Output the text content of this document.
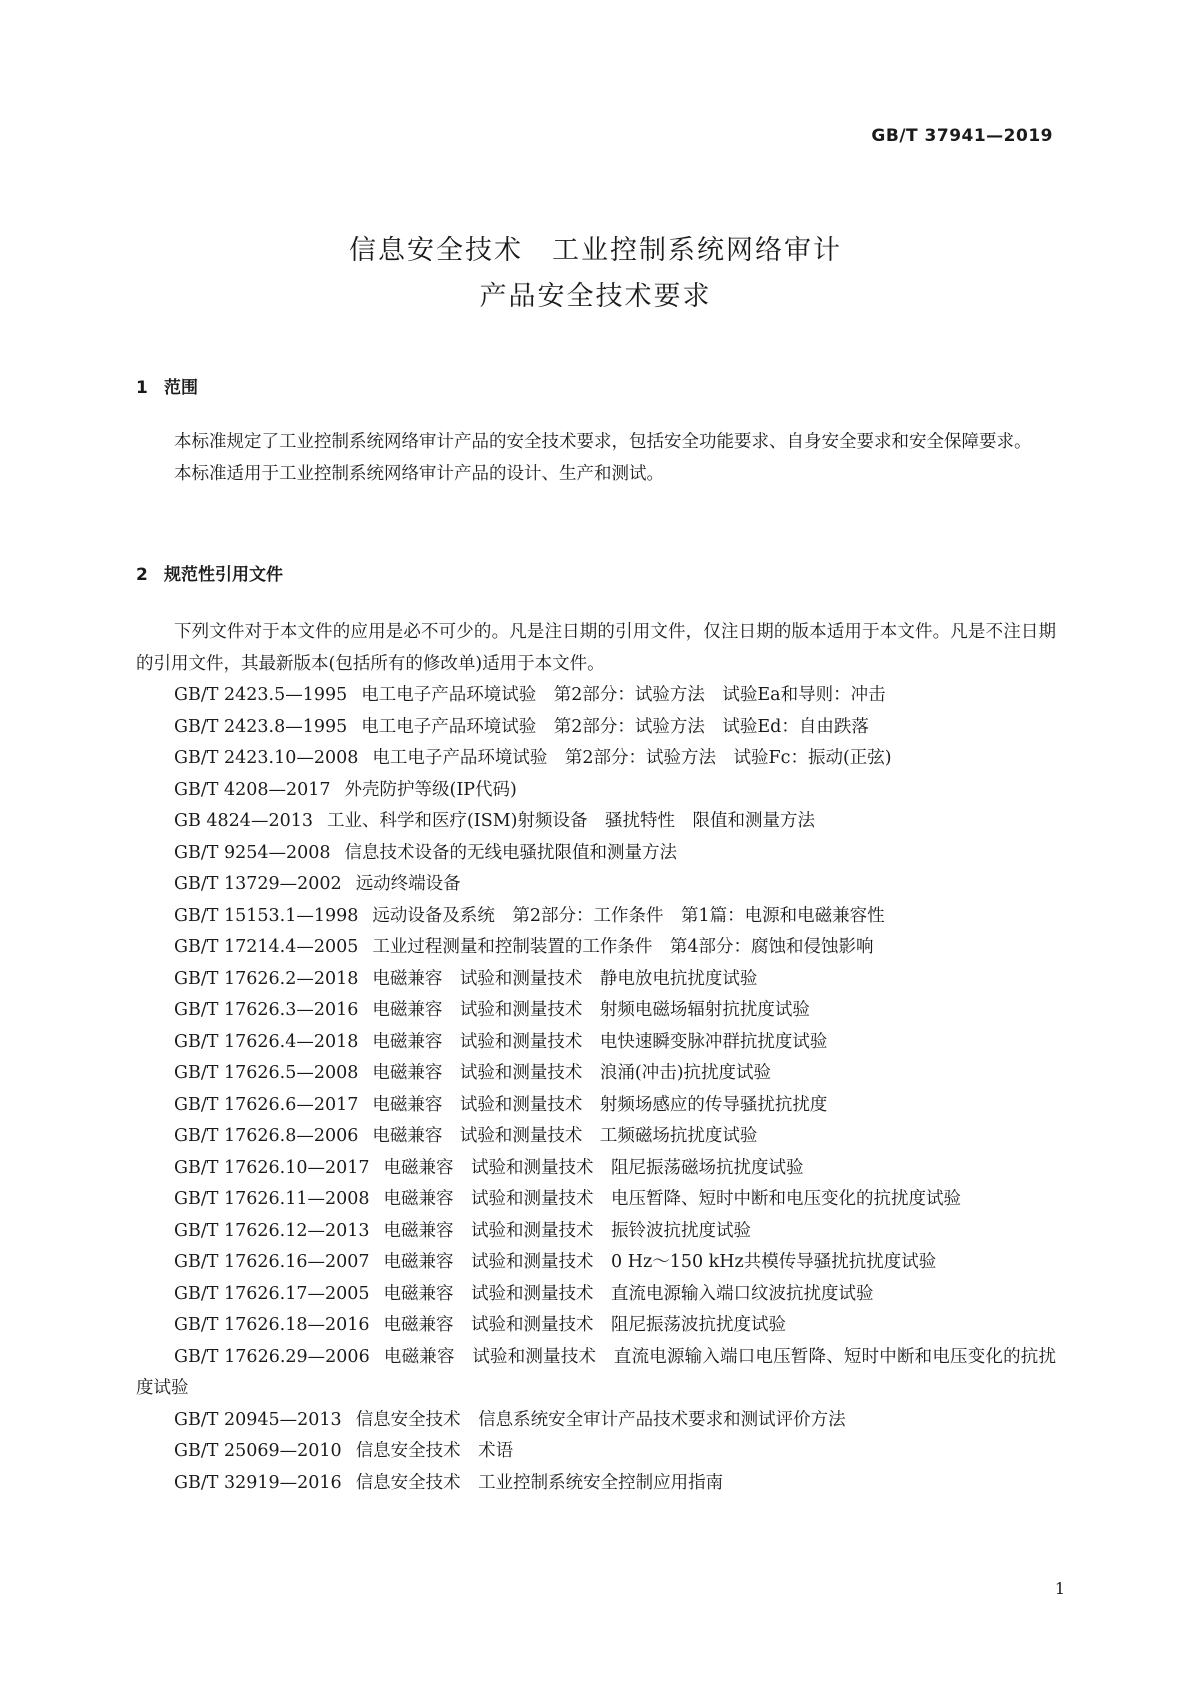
GB/T 37941—2019
信息安全技术　工业控制系统网络审计
产品安全技术要求
1 范围

本标准规定了工业控制系统网络审计产品的安全技术要求，包括安全功能要求、自身安全要求和安全保障要求。

本标准适用于工业控制系统网络审计产品的设计、生产和测试。

2 规范性引用文件

下列文件对于本文件的应用是必不可少的。凡是注日期的引用文件，仅注日期的版本适用于本文件。凡是不注日期的引用文件，其最新版本(包括所有的修改单)适用于本文件。

GB/T 2423.5—1995 电工电子产品环境试验　第2部分：试验方法　试验Ea和导则：冲击

GB/T 2423.8—1995 电工电子产品环境试验　第2部分：试验方法　试验Ed：自由跌落

GB/T 2423.10—2008 电工电子产品环境试验　第2部分：试验方法　试验Fc：振动(正弦)

GB/T 4208—2017 外壳防护等级(IP代码)

GB 4824—2013 工业、科学和医疗(ISM)射频设备　骚扰特性　限值和测量方法

GB/T 9254—2008 信息技术设备的无线电骚扰限值和测量方法

GB/T 13729—2002 远动终端设备

GB/T 15153.1—1998 远动设备及系统　第2部分：工作条件　第1篇：电源和电磁兼容性

GB/T 17214.4—2005 工业过程测量和控制装置的工作条件　第4部分：腐蚀和侵蚀影响

GB/T 17626.2—2018 电磁兼容　试验和测量技术　静电放电抗扰度试验

GB/T 17626.3—2016 电磁兼容　试验和测量技术　射频电磁场辐射抗扰度试验

GB/T 17626.4—2018 电磁兼容　试验和测量技术　电快速瞬变脉冲群抗扰度试验

GB/T 17626.5—2008 电磁兼容　试验和测量技术　浪涌(冲击)抗扰度试验

GB/T 17626.6—2017 电磁兼容　试验和测量技术　射频场感应的传导骚扰抗扰度

GB/T 17626.8—2006 电磁兼容　试验和测量技术　工频磁场抗扰度试验

GB/T 17626.10—2017 电磁兼容　试验和测量技术　阻尼振荡磁场抗扰度试验

GB/T 17626.11—2008 电磁兼容　试验和测量技术　电压暂降、短时中断和电压变化的抗扰度试验

GB/T 17626.12—2013 电磁兼容　试验和测量技术　振铃波抗扰度试验

GB/T 17626.16—2007 电磁兼容　试验和测量技术　0 Hz～150 kHz共模传导骚扰抗扰度试验

GB/T 17626.17—2005 电磁兼容　试验和测量技术　直流电源输入端口纹波抗扰度试验

GB/T 17626.18—2016 电磁兼容　试验和测量技术　阻尼振荡波抗扰度试验

GB/T 17626.29—2006 电磁兼容　试验和测量技术　直流电源输入端口电压暂降、短时中断和电压变化的抗扰度试验

GB/T 20945—2013 信息安全技术　信息系统安全审计产品技术要求和测试评价方法

GB/T 25069—2010 信息安全技术　术语

GB/T 32919—2016 信息安全技术　工业控制系统安全控制应用指南

1
